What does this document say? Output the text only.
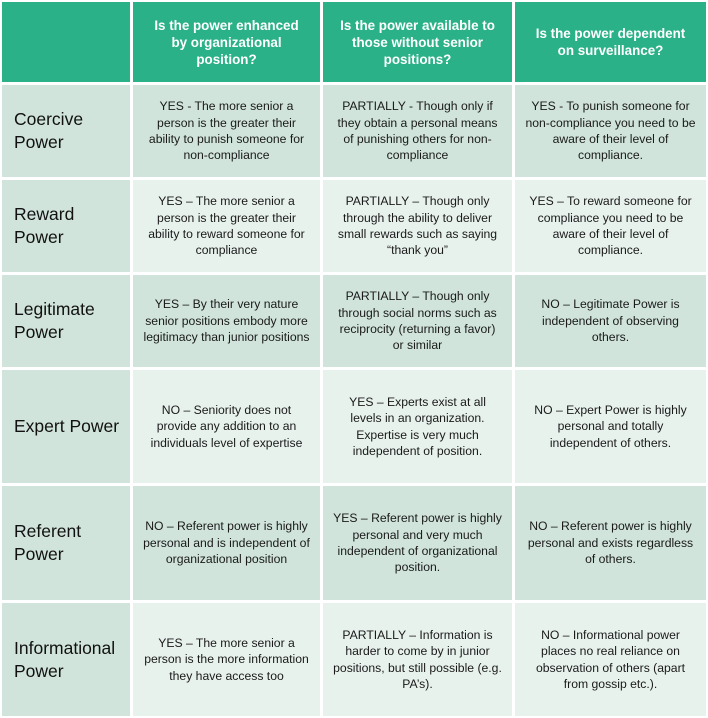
Is the power enhanced by organizational position?
Is the power available to those without senior positions?
Is the power dependent on surveillance?
Coercive Power
YES - The more senior a person is the greater their ability to punish someone for non-compliance
PARTIALLY - Though only if they obtain a personal means of punishing others for non-compliance
YES - To punish someone for non-compliance you need to be aware of their level of compliance.
Reward Power
YES – The more senior a person is the greater their ability to reward someone for compliance
PARTIALLY – Though only through the ability to deliver small rewards such as saying “thank you”
YES – To reward someone for compliance you need to be aware of their level of compliance.
Legitimate Power
YES – By their very nature senior positions embody more legitimacy than junior positions
PARTIALLY – Though only through social norms such as reciprocity (returning a favor) or similar
NO – Legitimate Power is independent of observing others.
Expert Power
NO – Seniority does not provide any addition to an individuals level of expertise
YES – Experts exist at all levels in an organization. Expertise is very much independent of position.
NO – Expert Power is highly personal and totally independent of others.
Referent Power
NO – Referent power is highly personal and is independent of organizational position
YES – Referent power is highly personal and very much independent of organizational position.
NO – Referent power is highly personal and exists regardless of others.
Informational Power
YES – The more senior a person is the more information they have access too
PARTIALLY – Information is harder to come by in junior positions, but still possible (e.g. PA’s).
NO – Informational power places no real reliance on observation of others (apart from gossip etc.).
